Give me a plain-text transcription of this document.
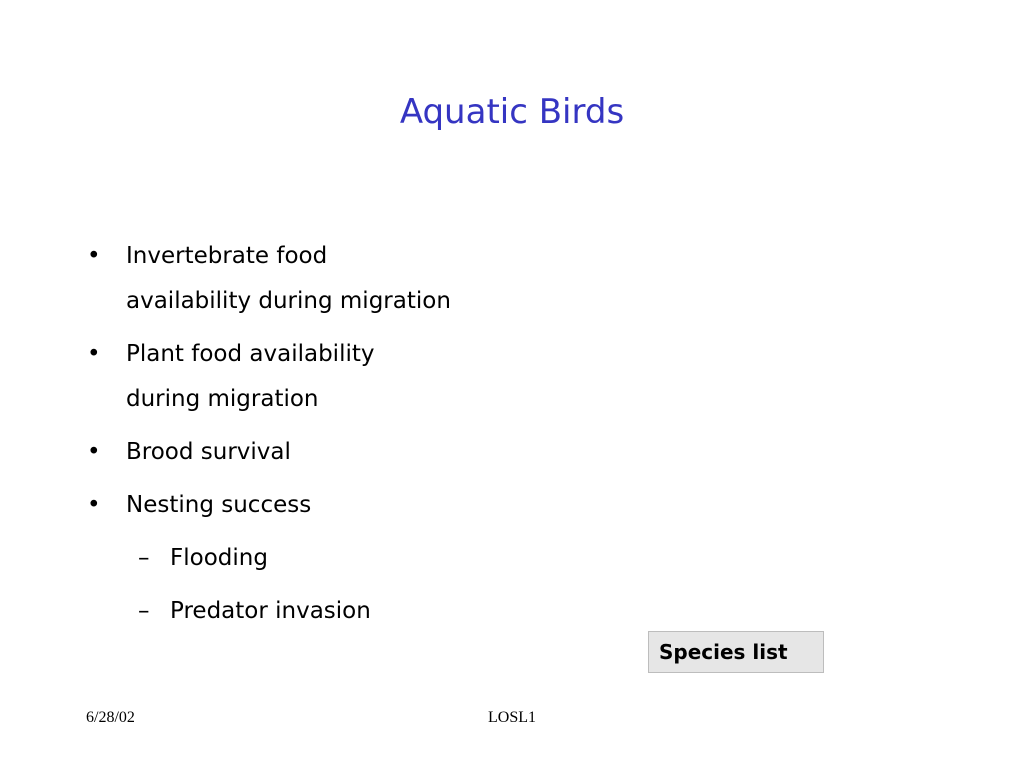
Aquatic Birds
• Invertebrate food
availability during migration
• Plant food availability
during migration
• Brood survival
• Nesting success
– Flooding
– Predator invasion
Species list
LOSL1
6/28/02
